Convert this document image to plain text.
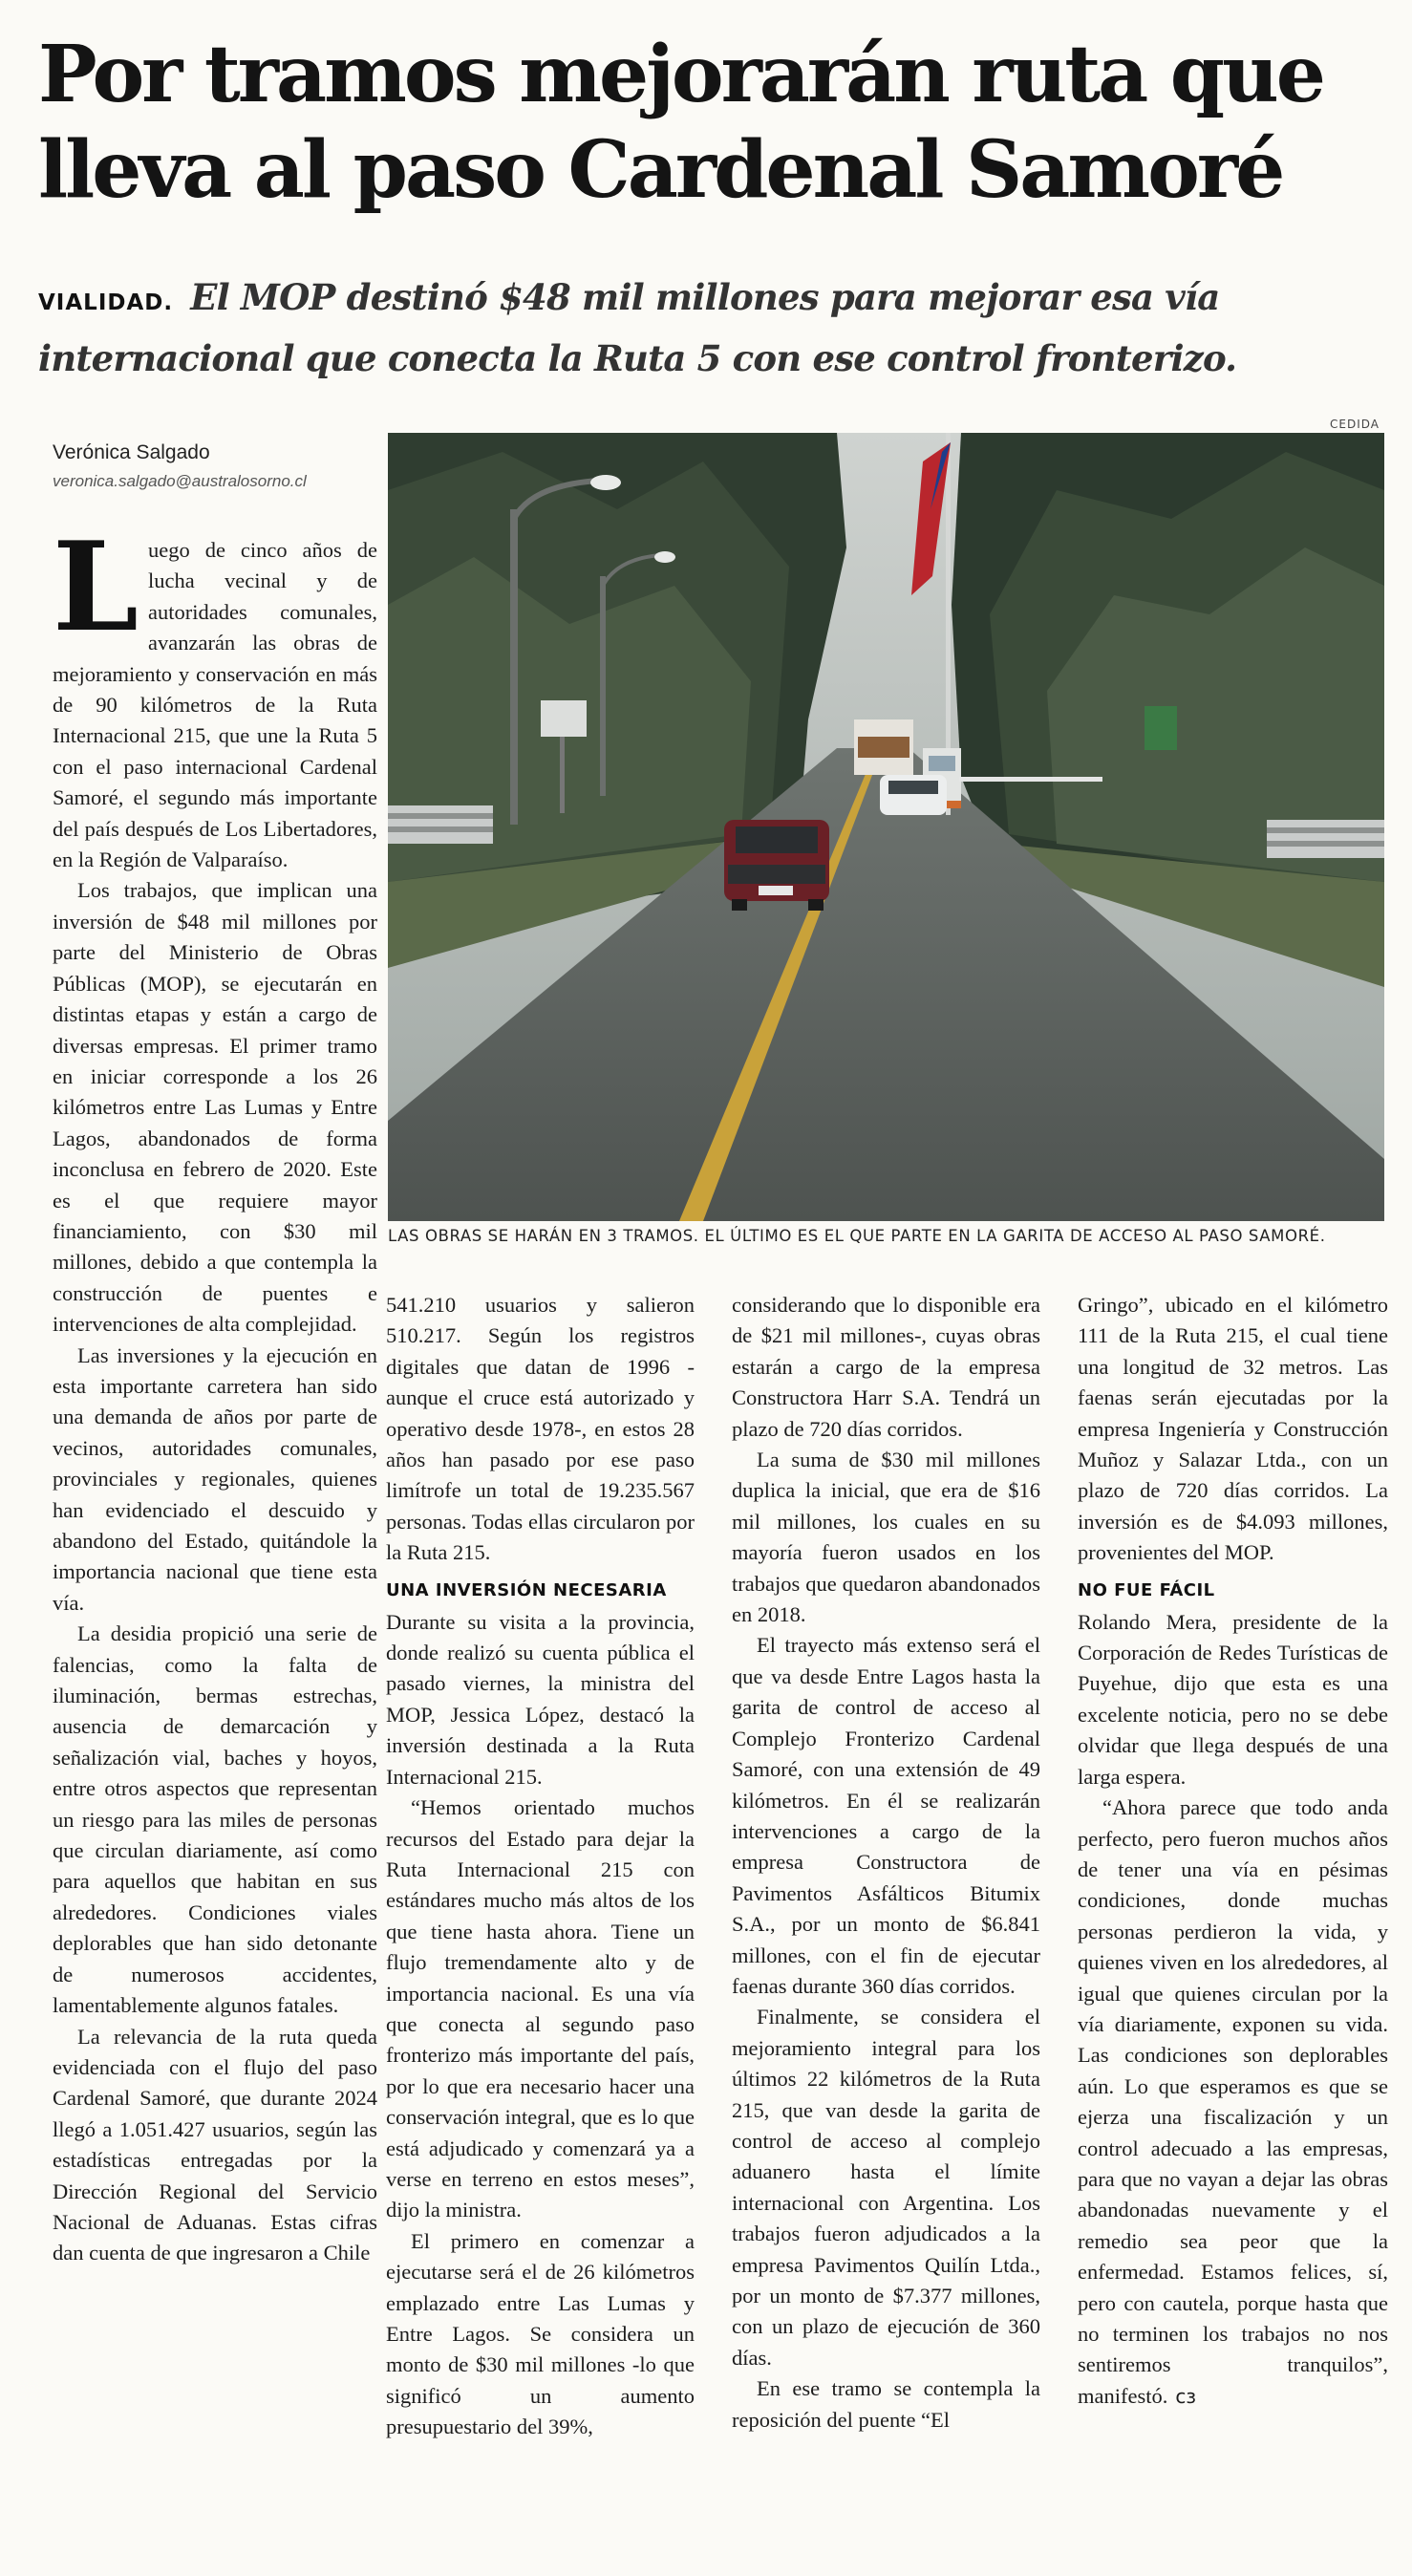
Por tramos mejorarán ruta que lleva al paso Cardenal Samoré
VIALIDAD. El MOP destinó $48 mil millones para mejorar esa vía internacional que conecta la Ruta 5 con ese control fronterizo.
CEDIDA
Verónica Salgado
veronica.salgado@australosorno.cl
LAS OBRAS SE HARÁN EN 3 TRAMOS. EL ÚLTIMO ES EL QUE PARTE EN LA GARITA DE ACCESO AL PASO SAMORÉ.

Luego de cinco años de lucha vecinal y de autoridades comunales, avanzarán las obras de mejoramiento y conservación en más de 90 kilómetros de la Ruta Internacional 215, que une la Ruta 5 con el paso internacional Cardenal Samoré, el segundo más importante del país después de Los Libertadores, en la Región de Valparaíso.

Los trabajos, que implican una inversión de $48 mil millones por parte del Ministerio de Obras Públicas (MOP), se ejecutarán en distintas etapas y están a cargo de diversas empresas. El primer tramo en iniciar corresponde a los 26 kilómetros entre Las Lumas y Entre Lagos, abandonados de forma inconclusa en febrero de 2020. Este es el que requiere mayor financiamiento, con $30 mil millones, debido a que contempla la construcción de puentes e intervenciones de alta complejidad.

Las inversiones y la ejecución en esta importante carretera han sido una demanda de años por parte de vecinos, autoridades comunales, provinciales y regionales, quienes han evidenciado el descuido y abandono del Estado, quitándole la importancia nacional que tiene esta vía.

La desidia propició una serie de falencias, como la falta de iluminación, bermas estrechas, ausencia de demarcación y señalización vial, baches y hoyos, entre otros aspectos que representan un riesgo para las miles de personas que circulan diariamente, así como para aquellos que habitan en sus alrededores. Condiciones viales deplorables que han sido detonante de numerosos accidentes, lamentablemente algunos fatales.

La relevancia de la ruta queda evidenciada con el flujo del paso Cardenal Samoré, que durante 2024 llegó a 1.051.427 usuarios, según las estadísticas entregadas por la Dirección Regional del Servicio Nacional de Aduanas. Estas cifras dan cuenta de que ingresaron a Chile

541.210 usuarios y salieron 510.217. Según los registros digitales que datan de 1996 -aunque el cruce está autorizado y operativo desde 1978-, en estos 28 años han pasado por ese paso limítrofe un total de 19.235.567 personas. Todas ellas circularon por la Ruta 215.

UNA INVERSIÓN NECESARIA

Durante su visita a la provincia, donde realizó su cuenta pública el pasado viernes, la ministra del MOP, Jessica López, destacó la inversión destinada a la Ruta Internacional 215.

“Hemos orientado muchos recursos del Estado para dejar la Ruta Internacional 215 con estándares mucho más altos de los que tiene hasta ahora. Tiene un flujo tremendamente alto y de importancia nacional. Es una vía que conecta al segundo paso fronterizo más importante del país, por lo que era necesario hacer una conservación integral, que es lo que está adjudicado y comenzará ya a verse en terreno en estos meses”, dijo la ministra.

El primero en comenzar a ejecutarse será el de 26 kilómetros emplazado entre Las Lumas y Entre Lagos. Se considera un monto de $30 mil millones -lo que significó un aumento presupuestario del 39%,

considerando que lo disponible era de $21 mil millones-, cuyas obras estarán a cargo de la empresa Constructora Harr S.A. Tendrá un plazo de 720 días corridos.

La suma de $30 mil millones duplica la inicial, que era de $16 mil millones, los cuales en su mayoría fueron usados en los trabajos que quedaron abandonados en 2018.

El trayecto más extenso será el que va desde Entre Lagos hasta la garita de control de acceso al Complejo Fronterizo Cardenal Samoré, con una extensión de 49 kilómetros. En él se realizarán intervenciones a cargo de la empresa Constructora de Pavimentos Asfálticos Bitumix S.A., por un monto de $6.841 millones, con el fin de ejecutar faenas durante 360 días corridos.

Finalmente, se considera el mejoramiento integral para los últimos 22 kilómetros de la Ruta 215, que van desde la garita de control de acceso al complejo aduanero hasta el límite internacional con Argentina. Los trabajos fueron adjudicados a la empresa Pavimentos Quilín Ltda., por un monto de $7.377 millones, con un plazo de ejecución de 360 días.

En ese tramo se contempla la reposición del puente “El

Gringo”, ubicado en el kilómetro 111 de la Ruta 215, el cual tiene una longitud de 32 metros. Las faenas serán ejecutadas por la empresa Ingeniería y Construcción Muñoz y Salazar Ltda., con un plazo de 720 días corridos. La inversión es de $4.093 millones, provenientes del MOP.

NO FUE FÁCIL

Rolando Mera, presidente de la Corporación de Redes Turísticas de Puyehue, dijo que esta es una excelente noticia, pero no se debe olvidar que llega después de una larga espera.

“Ahora parece que todo anda perfecto, pero fueron muchos años de tener una vía en pésimas condiciones, donde muchas personas perdieron la vida, y quienes viven en los alrededores, al igual que quienes circulan por la vía diariamente, exponen su vida. Las condiciones son deplorables aún. Lo que esperamos es que se ejerza una fiscalización y un control adecuado a las empresas, para que no vayan a dejar las obras abandonadas nuevamente y el remedio sea peor que la enfermedad. Estamos felices, sí, pero con cautela, porque hasta que no terminen los trabajos no nos sentiremos tranquilos”, manifestó. cз
